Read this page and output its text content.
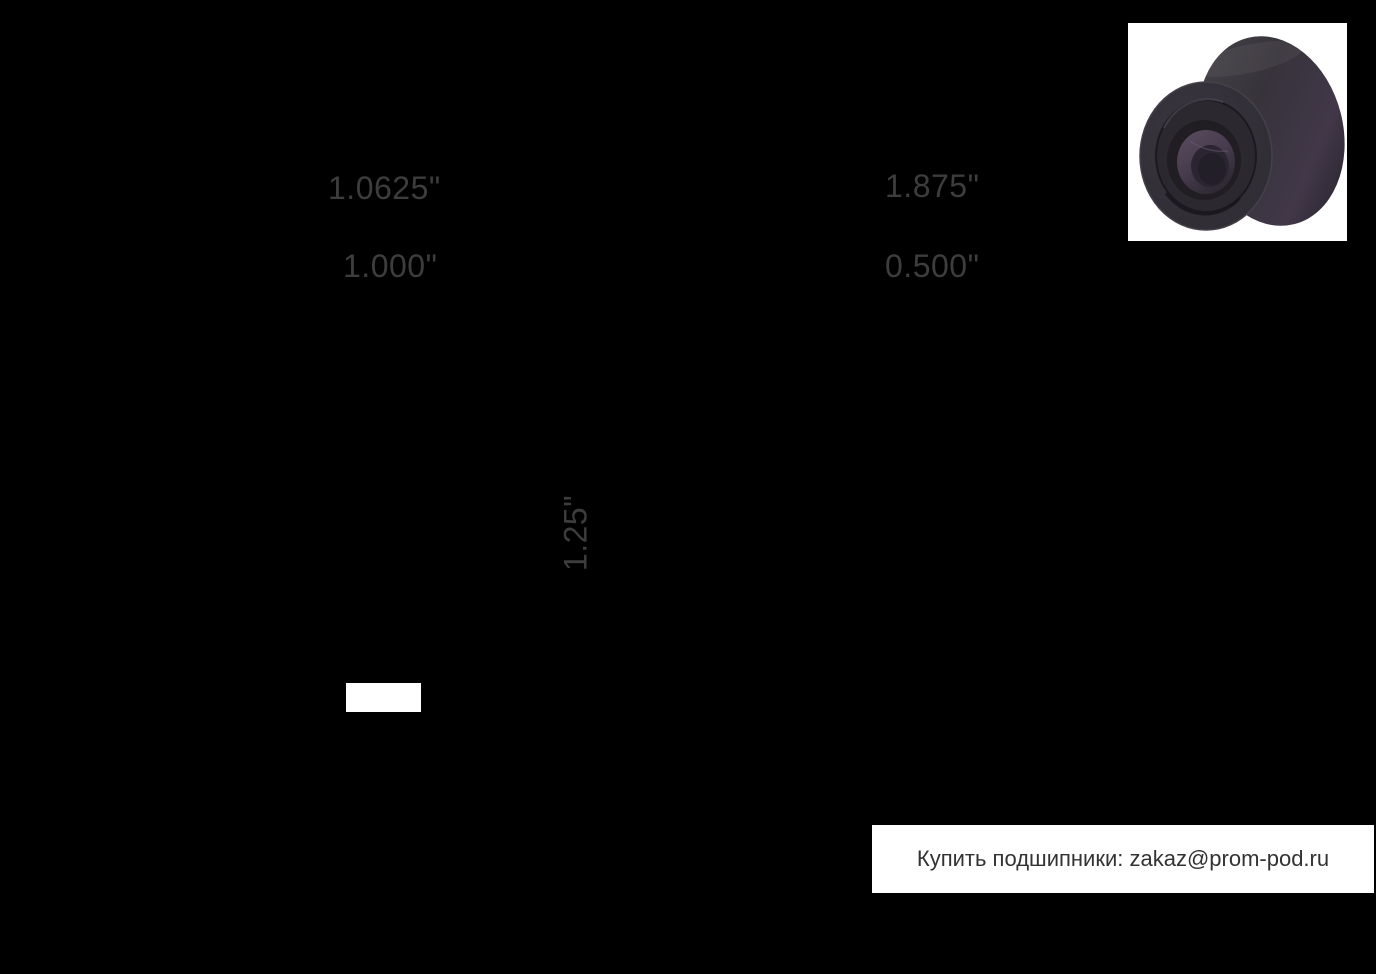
1.0625"
1.000"
1.875"
0.500"
1.25"
Купить подшипники: zakaz@prom-pod.ru
